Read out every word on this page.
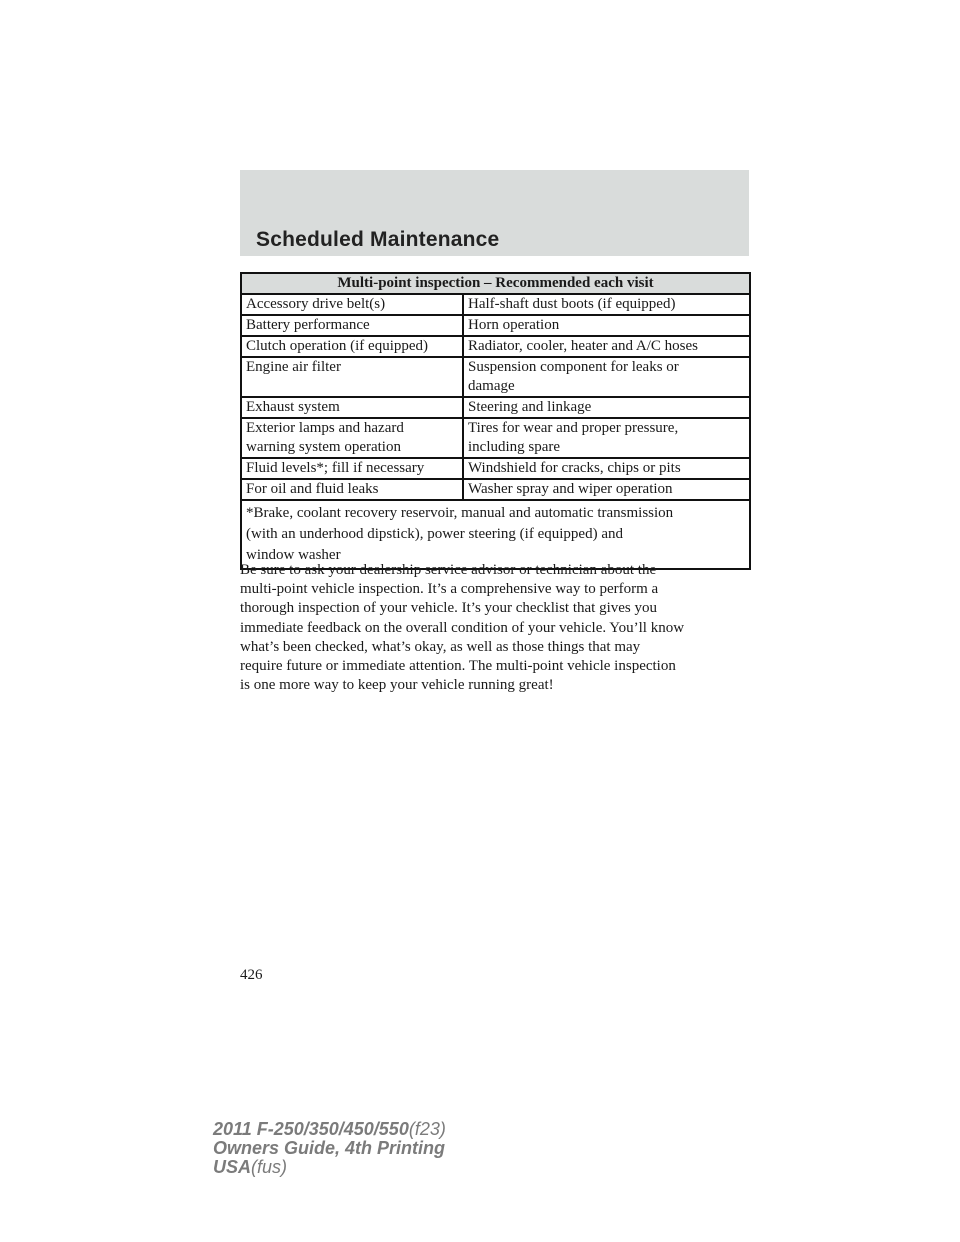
Scheduled Maintenance
Multi-point inspection – Recommended each visit	

Accessory drive belt(s)	Half-shaft dust boots (if equipped)

Battery performance	Horn operation

Clutch operation (if equipped)	Radiator, cooler, heater and A/C hoses

Engine air filter	Suspension component for leaks or
damage

Exhaust system	Steering and linkage

Exterior lamps and hazard
warning system operation	Tires for wear and proper pressure,
including spare

Fluid levels*; fill if necessary	Windshield for cracks, chips or pits

For oil and fluid leaks	Washer spray and wiper operation

*Brake, coolant recovery reservoir, manual and automatic transmission
(with an underhood dipstick), power steering (if equipped) and
window washer	
Be sure to ask your dealership service advisor or technician about the
multi-point vehicle inspection. It’s a comprehensive way to perform a
thorough inspection of your vehicle. It’s your checklist that gives you
immediate feedback on the overall condition of your vehicle. You’ll know
what’s been checked, what’s okay, as well as those things that may
require future or immediate attention. The multi-point vehicle inspection
is one more way to keep your vehicle running great!
426
2011 F-250/350/450/550(f23)
Owners Guide, 4th Printing
USA(fus)
